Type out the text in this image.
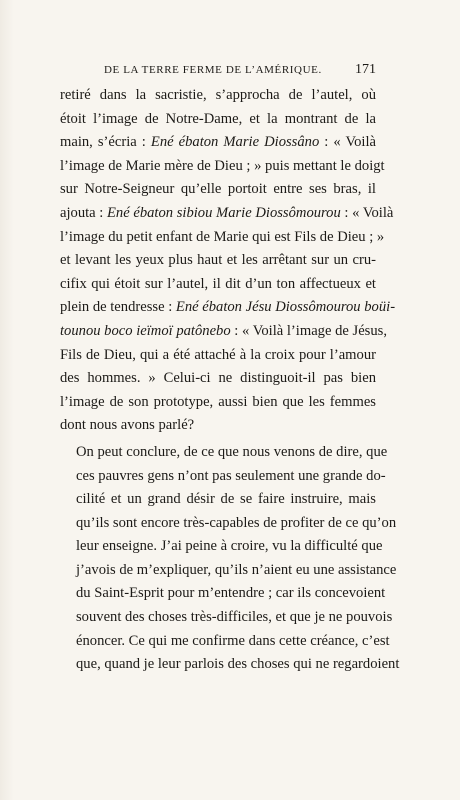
DE LA TERRE FERME DE L’AMÉRIQUE.	171

retiré dans la sacristie, s’approcha de l’autel, où
étoit l’image de Notre-Dame, et la montrant de la
main, s’écria : Ené ébaton Marie Diossâno : « Voilà
l’image de Marie mère de Dieu ; » puis mettant le doigt
sur Notre-Seigneur qu’elle portoit entre ses bras, il
ajouta : Ené ébaton sibiou Marie Diossômourou : « Voilà
l’image du petit enfant de Marie qui est Fils de Dieu ; »
et levant les yeux plus haut et les arrêtant sur un cru-
cifix qui étoit sur l’autel, il dit d’un ton affectueux et
plein de tendresse : Ené ébaton Jésu Diossômourou boüi-
tounou boco ieïmoï patônebo : « Voilà l’image de Jésus,
Fils de Dieu, qui a été attaché à la croix pour l’amour
des hommes. » Celui-ci ne distinguoit-il pas bien
l’image de son prototype, aussi bien que les femmes
dont nous avons parlé?

On peut conclure, de ce que nous venons de dire, que
ces pauvres gens n’ont pas seulement une grande do-
cilité et un grand désir de se faire instruire, mais
qu’ils sont encore très-capables de profiter de ce qu’on
leur enseigne. J’ai peine à croire, vu la difficulté que
j’avois de m’expliquer, qu’ils n’aient eu une assistance
du Saint-Esprit pour m’entendre ; car ils concevoient
souvent des choses très-difficiles, et que je ne pouvois
énoncer. Ce qui me confirme dans cette créance, c’est
que, quand je leur parlois des choses qui ne regardoient
